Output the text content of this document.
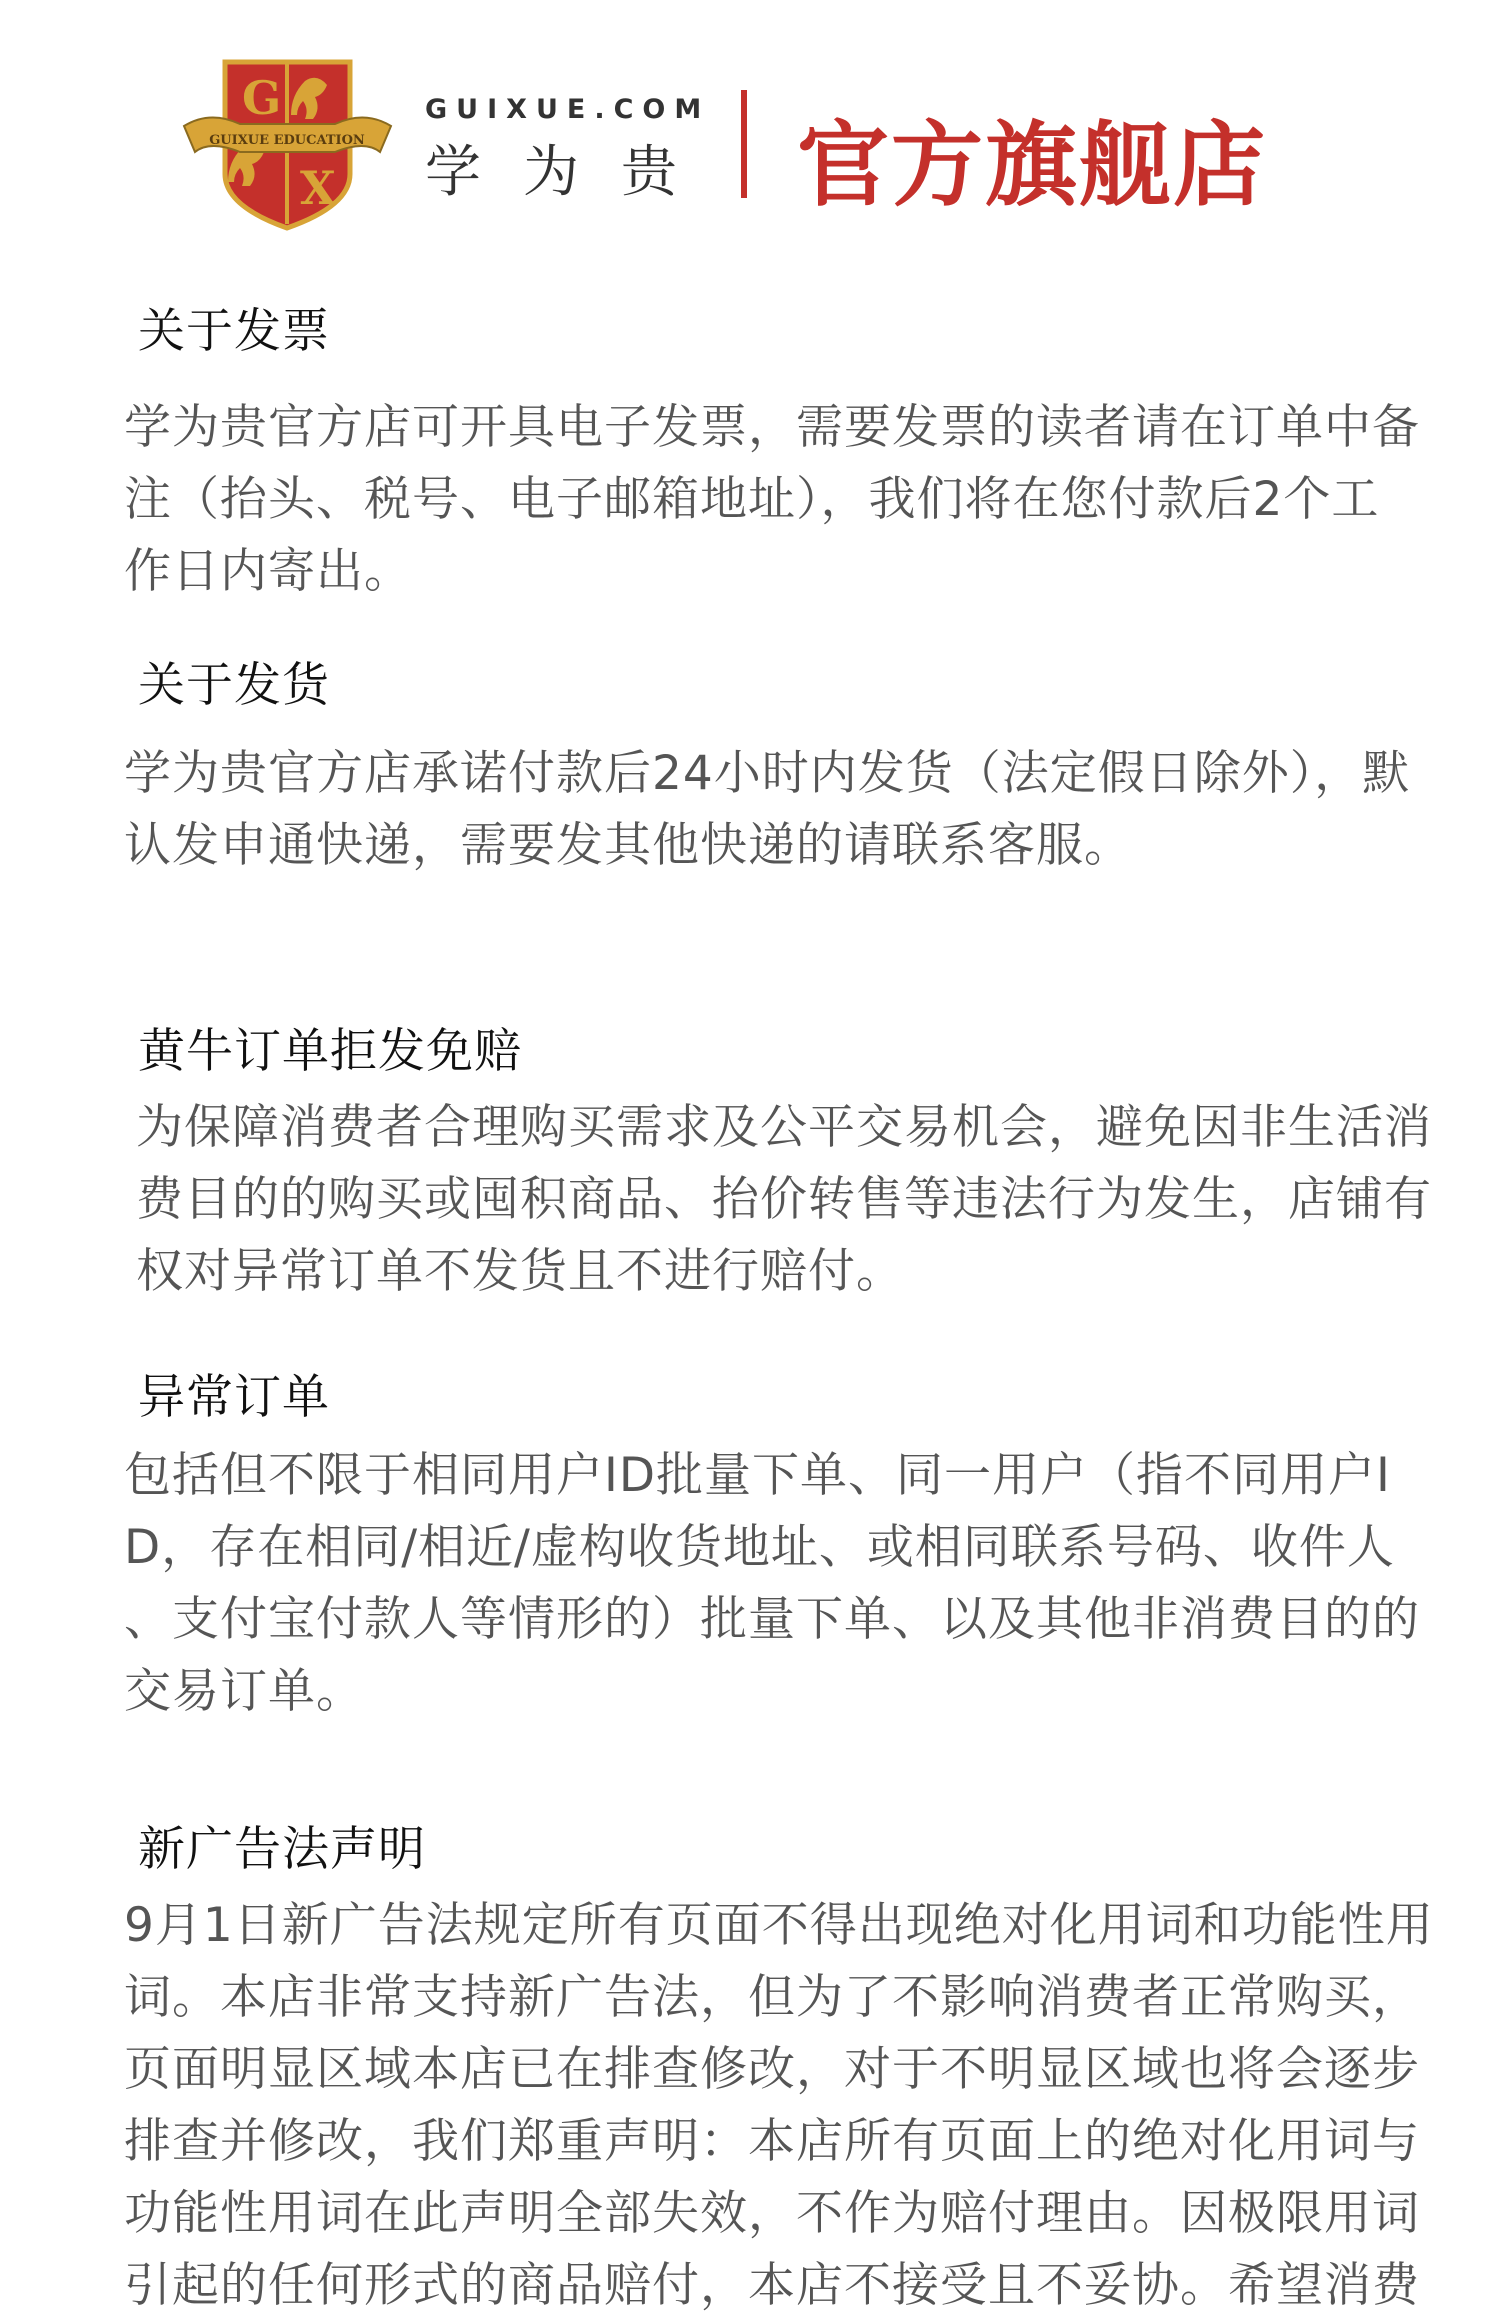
G
X
GUIXUE EDUCATION
GUIXUE.COM
学为贵 官方旗舰店
关于发票
学为贵官方店可开具电子发票，需要发票的读者请在订单中备
注（抬头、税号、电子邮箱地址），我们将在您付款后2个工
作日内寄出。
关于发货
学为贵官方店承诺付款后24小时内发货（法定假日除外），默
认发申通快递，需要发其他快递的请联系客服。
黄牛订单拒发免赔
为保障消费者合理购买需求及公平交易机会，避免因非生活消
费目的的购买或囤积商品、抬价转售等违法行为发生，店铺有
权对异常订单不发货且不进行赔付。
异常订单
包括但不限于相同用户ID批量下单、同一用户（指不同用户I
D，存在相同/相近/虚构收货地址、或相同联系号码、收件人
、支付宝付款人等情形的）批量下单、以及其他非消费目的的
交易订单。
新广告法声明
9月1日新广告法规定所有页面不得出现绝对化用词和功能性用
词。本店非常支持新广告法，但为了不影响消费者正常购买，
页面明显区域本店已在排查修改，对于不明显区域也将会逐步
排查并修改，我们郑重声明：本店所有页面上的绝对化用词与
功能性用词在此声明全部失效，不作为赔付理由。因极限用词
引起的任何形式的商品赔付，本店不接受且不妥协。希望消费
